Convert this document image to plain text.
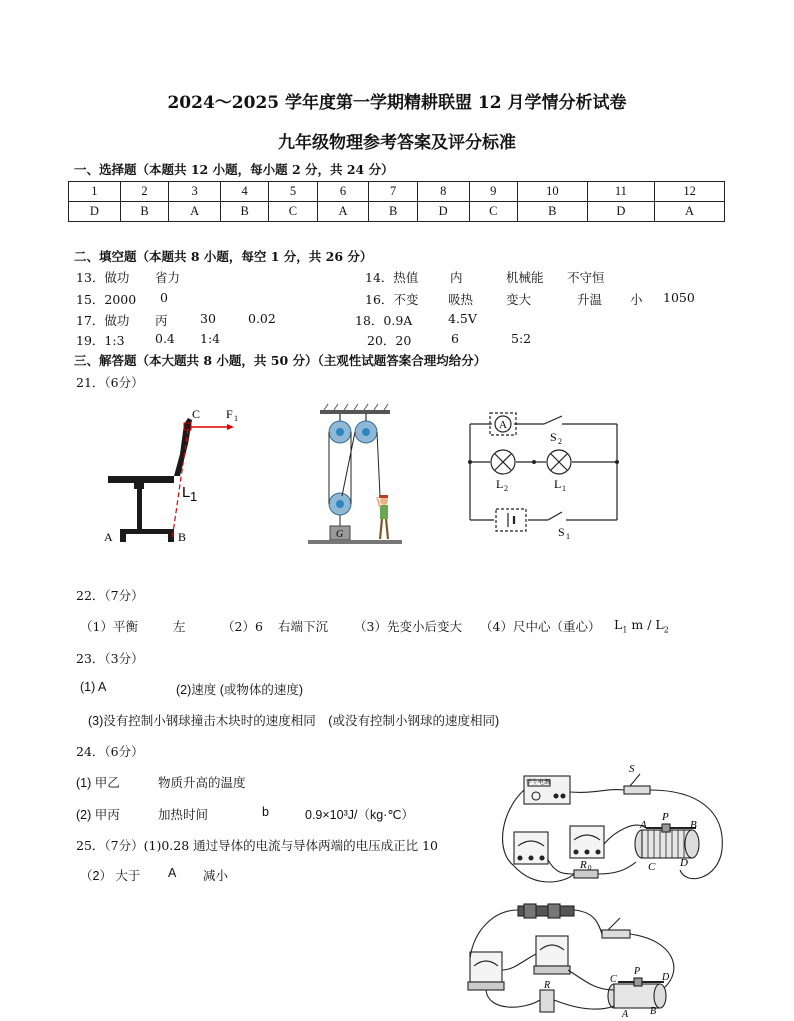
2024～2025 学年度第一学期精耕联盟 12 月学情分析试卷
九年级物理参考答案及评分标准
一、选择题（本题共 12 小题，每小题 2 分，共 24 分）
1	2	3	4	5	6	7	8	9	10	11	12
D	B	A	B	C	A	B	D	C	B	D	A
二、填空题（本题共 8 小题，每空 1 分，共 26 分）
13．做功 省力	14．热值	内	机械能 不守恒
15．2000 0	16．不变 吸热	变大	升温 小 1050
17．做功 丙	30	0.02	18．0.9A	4.5V
19．1:3 0.4 1:4	20．20	6	5:2
三、解答题（本大题共 8 小题，共 50 分）（主观性试题答案合理均给分）
21．（6分）
C F 1
L 1
A	B	G
A
S 2
L 2	L 1
S 1
22．（7分）
（1）平衡	左	（2）6 右端下沉 （3）先变小后变大 （4）尺中心（重心） $L_1$ m / $L_2$
23．（3分）
(1) A	(2)速度 (或物体的速度)
(3)没有控制小钢球撞击木块时的速度相同　(或没有控制小钢球的速度相同)
24．（6分）
(1) 甲乙	物质升高的温度
(2) 甲丙	加热时间	b	0.9×10³J/（kg·℃）
25．（7分）(1)0.28 通过导体的电流与导体两端的电压成正比 10
（2） 大于 A 减小
学生电源
S
A
P
B
C D
R 0
C
P
D
A B
R
